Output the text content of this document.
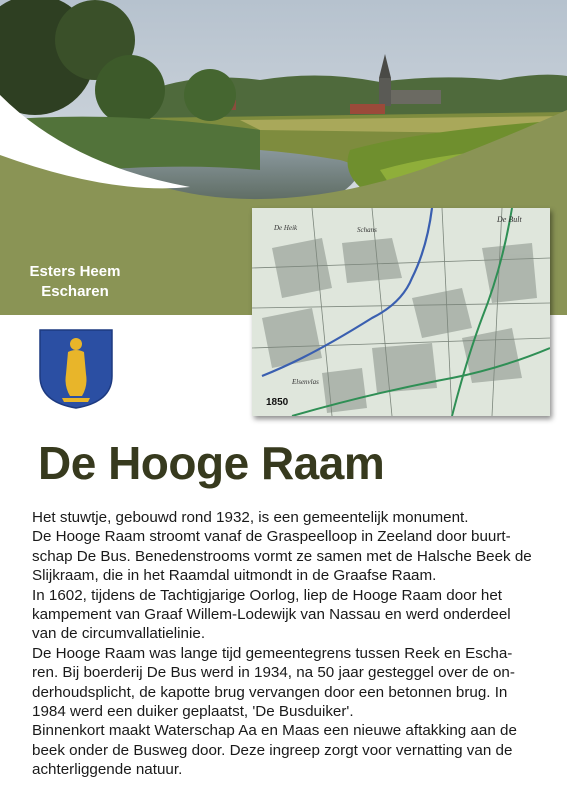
Esters Heem
Escharen
De Bult
De Heik	Schans
Elsenvlas
1850
De Hooge Raam
Het stuwtje, gebouwd rond 1932, is een gemeentelijk monument.
De Hooge Raam stroomt vanaf de Graspeelloop in Zeeland door buurt-
schap De Bus. Benedenstrooms vormt ze samen met de Halsche Beek de
Slijkraam, die in het Raamdal uitmondt in de Graafse Raam.
In 1602, tijdens de Tachtigjarige Oorlog, liep de Hooge Raam door het
kampement van Graaf Willem-Lodewijk van Nassau en werd onderdeel
van de circumvallatielinie.
De Hooge Raam was lange tijd gemeentegrens tussen Reek en Escha-
ren. Bij boerderij De Bus werd in 1934, na 50 jaar gesteggel over de on-
derhoudsplicht, de kapotte brug vervangen door een betonnen brug. In
1984 werd een duiker geplaatst, 'De Busduiker'.
Binnenkort maakt Waterschap Aa en Maas een nieuwe aftakking aan de
beek onder de Busweg door. Deze ingreep zorgt voor vernatting van de
achterliggende natuur.
